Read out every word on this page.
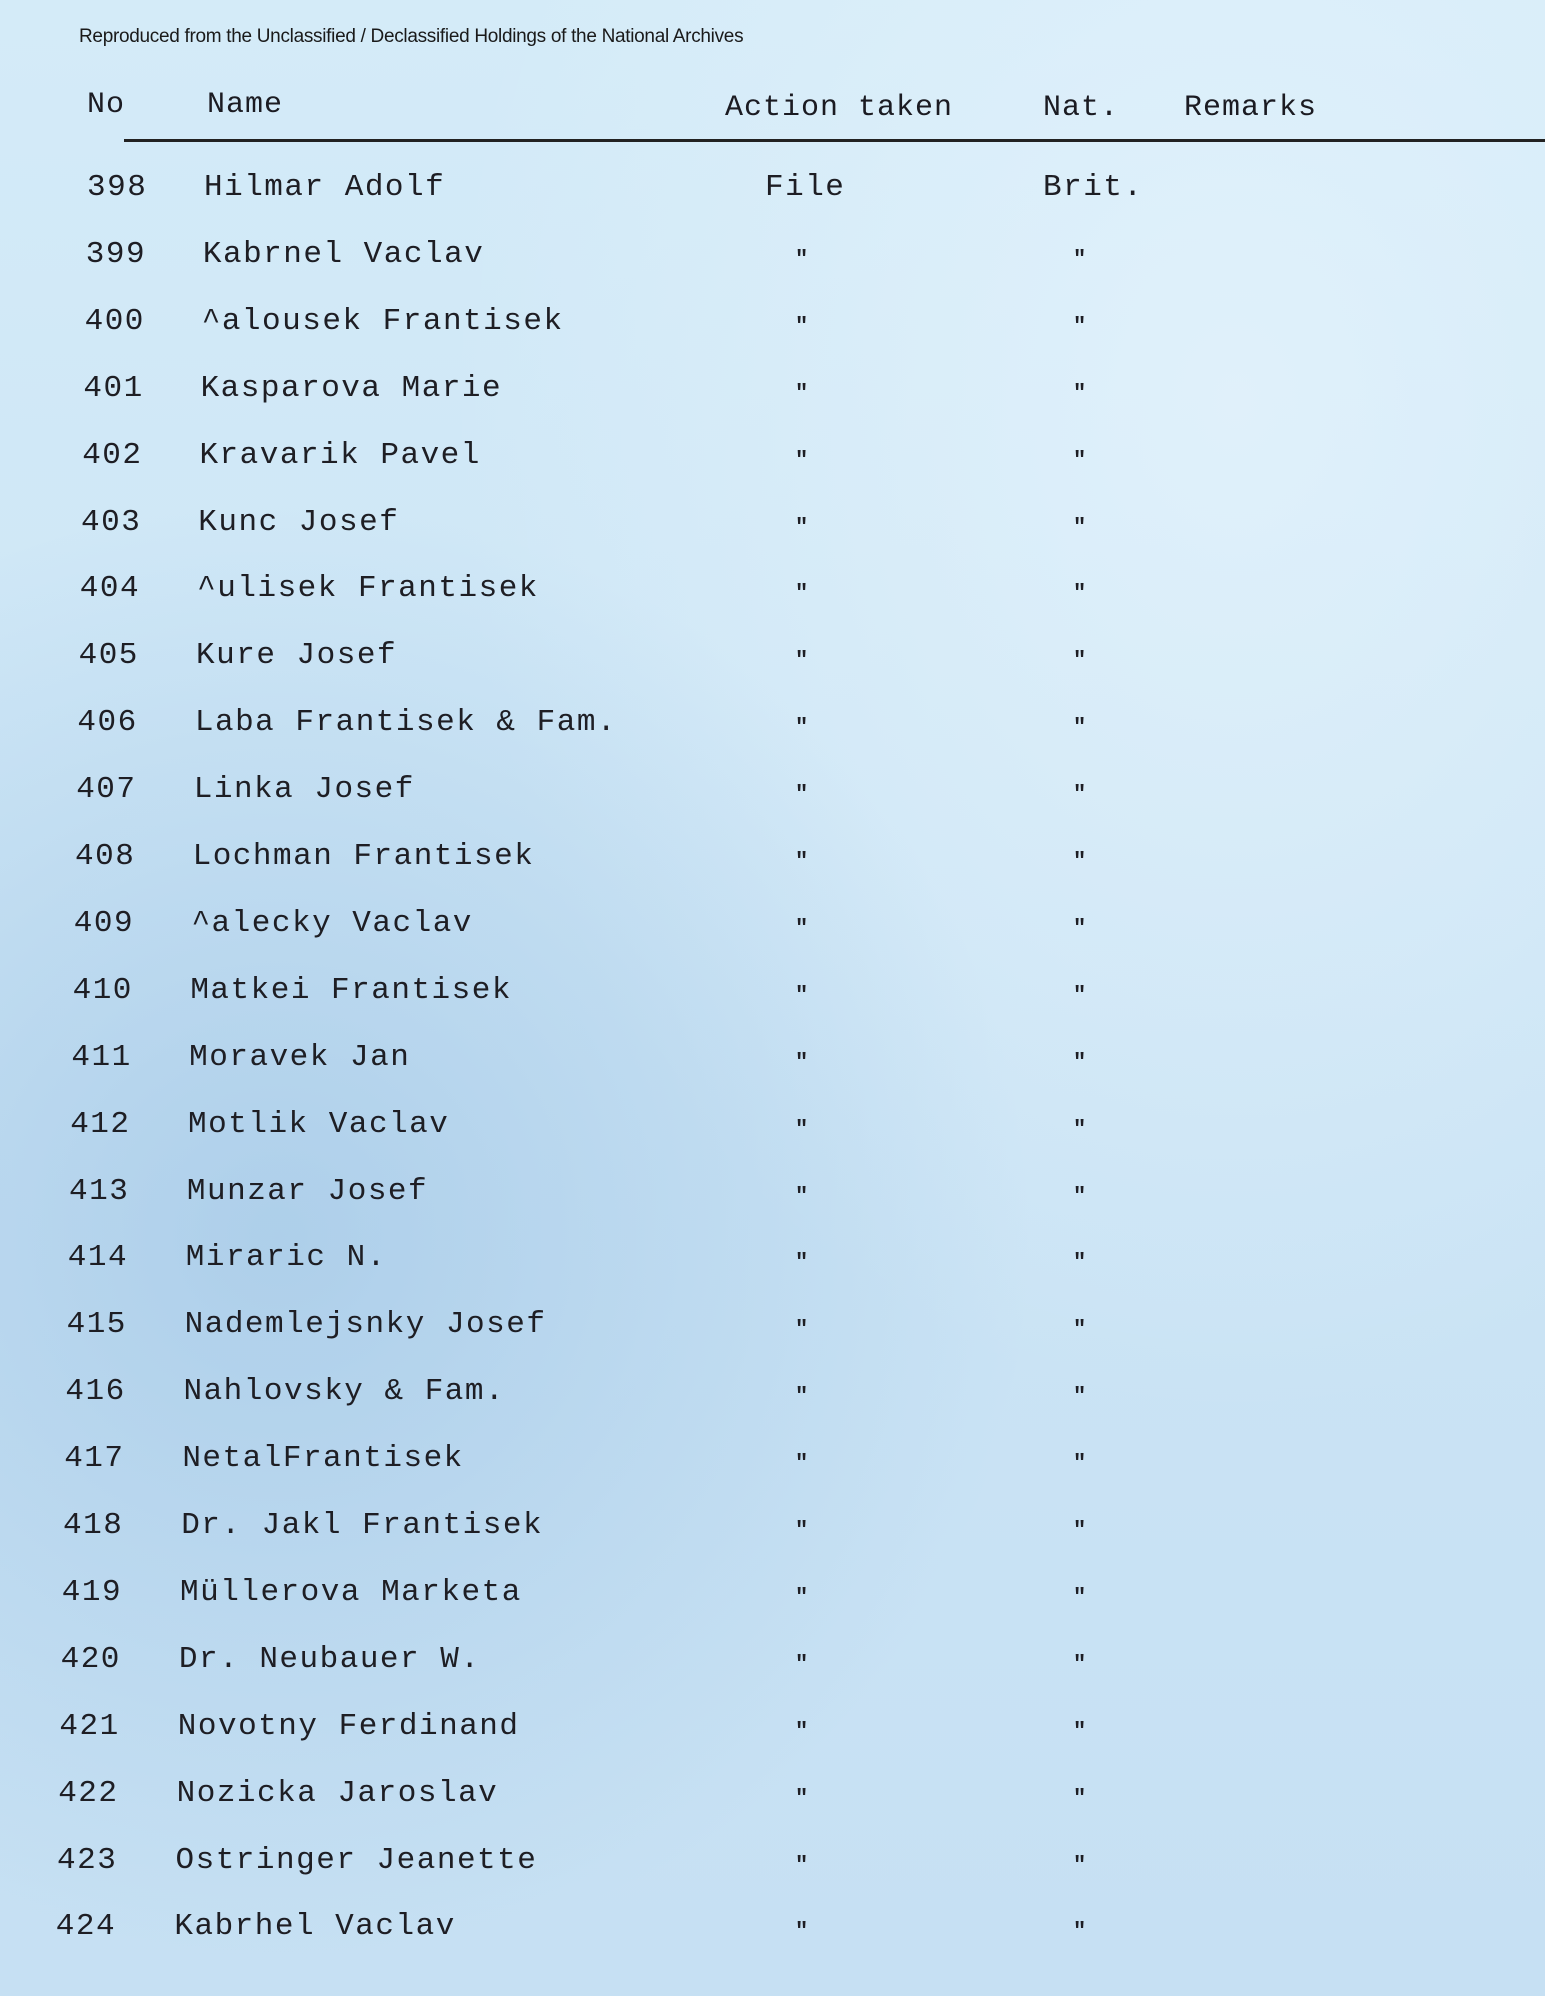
Reproduced from the Unclassified / Declassified Holdings of the National Archives
No	Name	Action taken	Nat. Remarks
398 Hilmar Adolf	File	Brit.
399 Kabrnel Vaclav	"	"
400 ^alousek Frantisek	"	"
401 Kasparova Marie	"	"
402 Kravarik Pavel	"	"
403 Kunc Josef	"	"
404 ^ulisek Frantisek	"	"
405 Kure Josef	"	"
406 Laba Frantisek & Fam.	"	"
407 Linka Josef	"	"
408 Lochman Frantisek	"	"
409 ^alecky Vaclav	"	"
410 Matkei Frantisek	"	"
411 Moravek Jan	"	"
412 Motlik Vaclav	"	"
413 Munzar Josef	"	"
414 Miraric N.	"	"
415 Nademlejsnky Josef	"	"
416 Nahlovsky & Fam.	"	"
417 NetalFrantisek	"	"
418 Dr. Jakl Frantisek	"	"
419 Müllerova Marketa	"	"
420 Dr. Neubauer W.	"	"
421 Novotny Ferdinand	"	"
422 Nozicka Jaroslav	"	"
423 Ostringer Jeanette	"	"
424 Kabrhel Vaclav	"	"
